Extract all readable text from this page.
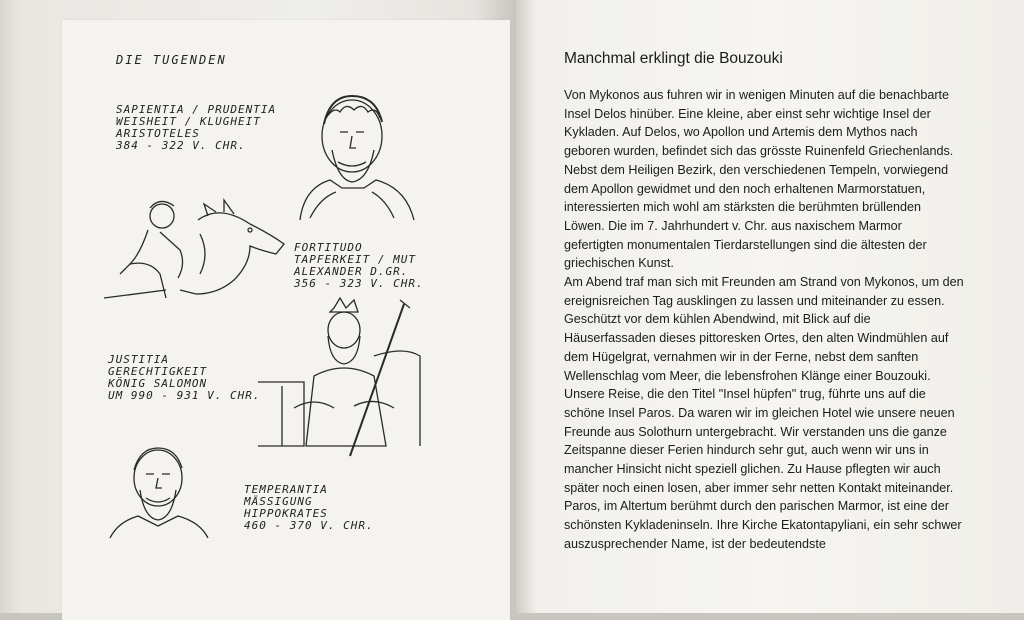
DIE TUGENDEN
SAPIENTIA / PRUDENTIA
WEISHEIT / KLUGHEIT
ARISTOTELES
384 - 322 V. CHR.
FORTITUDO
TAPFERKEIT / MUT
ALEXANDER D.GR.
356 - 323 V. CHR.
JUSTITIA
GERECHTIGKEIT
KÖNIG SALOMON
UM 990 - 931 V. CHR.
TEMPERANTIA
MÄSSIGUNG
HIPPOKRATES
460 - 370 V. CHR.
Manchmal erklingt die Bouzouki

Von Mykonos aus fuhren wir in wenigen Minuten auf die benachbarte Insel Delos hinüber. Eine kleine, aber einst sehr wichtige Insel der Kykladen. Auf Delos, wo Apollon und Artemis dem Mythos nach geboren wurden, befindet sich das grösste Ruinenfeld Griechenlands. Nebst dem Heiligen Bezirk, den verschiedenen Tempeln, vorwiegend dem Apollon gewidmet und den noch erhaltenen Marmorstatuen, interessierten mich wohl am stärksten die berühmten brüllenden Löwen. Die im 7. Jahrhundert v. Chr. aus naxischem Marmor gefertigten monumentalen Tierdarstellungen sind die ältesten der griechischen Kunst.

Am Abend traf man sich mit Freunden am Strand von Mykonos, um den ereignisreichen Tag ausklingen zu lassen und miteinander zu essen. Geschützt vor dem kühlen Abendwind, mit Blick auf die Häuserfassaden dieses pittoresken Ortes, den alten Windmühlen auf dem Hügelgrat, vernahmen wir in der Ferne, nebst dem sanften Wellenschlag vom Meer, die lebensfrohen Klänge einer Bouzouki.

Unsere Reise, die den Titel "Insel hüpfen" trug, führte uns auf die schöne Insel Paros. Da waren wir im gleichen Hotel wie unsere neuen Freunde aus Solothurn untergebracht. Wir verstanden uns die ganze Zeitspanne dieser Ferien hindurch sehr gut, auch wenn wir uns in mancher Hinsicht nicht speziell glichen. Zu Hause pflegten wir auch später noch einen losen, aber immer sehr netten Kontakt miteinander.

Paros, im Altertum berühmt durch den parischen Marmor, ist eine der schönsten Kykladeninseln. Ihre Kirche Ekatontapyliani, ein sehr schwer auszusprechender Name, ist der bedeutendste
